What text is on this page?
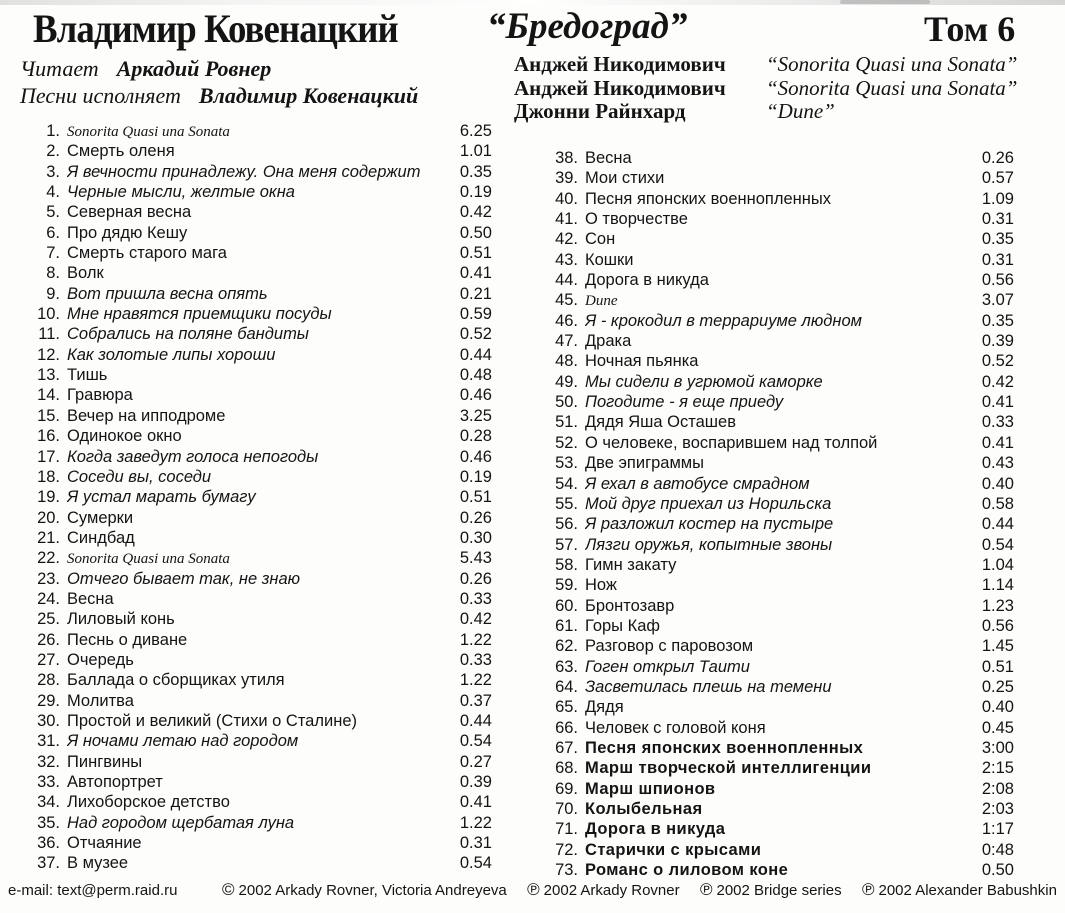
Владимир Ковенацкий “Бредоград”	Том 6
Читает Аркадий Ровнер
Песни исполняет Владимир Ковенацкий
Анджей Никодимович “Sonorita Quasi una Sonata”
Анджей Никодимович “Sonorita Quasi una Sonata”
Джонни Райнхард	“Dune”
1. Sonorita Quasi una Sonata	6.25
2. Смерть оленя	1.01
3. Я вечности принадлежу. Она меня содержит	0.35
4. Черные мысли, желтые окна	0.19
5. Северная весна	0.42
6. Про дядю Кешу	0.50
7. Смерть старого мага	0.51
8. Волк	0.41
9. Вот пришла весна опять	0.21
10. Мне нравятся приемщики посуды	0.59
11. Собрались на поляне бандиты	0.52
12. Как золотые липы хороши	0.44
13. Тишь	0.48
14. Гравюра	0.46
15. Вечер на ипподроме	3.25
16. Одинокое окно	0.28
17. Когда заведут голоса непогоды	0.46
18. Соседи вы, соседи	0.19
19. Я устал марать бумагу	0.51
20. Сумерки	0.26
21. Синдбад	0.30
22. Sonorita Quasi una Sonata	5.43
23. Отчего бывает так, не знаю	0.26
24. Весна	0.33
25. Лиловый конь	0.42
26. Песнь о диване	1.22
27. Очередь	0.33
28. Баллада о сборщиках утиля	1.22
29. Молитва	0.37
30. Простой и великий (Стихи о Сталине)	0.44
31. Я ночами летаю над городом	0.54
32. Пингвины	0.27
33. Автопортрет	0.39
34. Лихоборское детство	0.41
35. Над городом щербатая луна	1.22
36. Отчаяние	0.31
37. В музее	0.54
38. Весна	0.26
39. Мои стихи	0.57
40. Песня японских военнопленных	1.09
41. О творчестве	0.31
42. Сон	0.35
43. Кошки	0.31
44. Дорога в никуда	0.56
45. Dune	3.07
46. Я - крокодил в террариуме людном	0.35
47. Драка	0.39
48. Ночная пьянка	0.52
49. Мы сидели в угрюмой каморке	0.42
50. Погодите - я еще приеду	0.41
51. Дядя Яша Осташев	0.33
52. О человеке, воспарившем над толпой	0.41
53. Две эпиграммы	0.43
54. Я ехал в автобусе смрадном	0.40
55. Мой друг приехал из Норильска	0.58
56. Я разложил костер на пустыре	0.44
57. Лязги оружья, копытные звоны	0.54
58. Гимн закату	1.04
59. Нож	1.14
60. Бронтозавр	1.23
61. Горы Каф	0.56
62. Разговор с паровозом	1.45
63. Гоген открыл Таити	0.51
64. Засветилась плешь на темени	0.25
65. Дядя	0.40
66. Человек с головой коня	0.45
67. Песня японских военнопленных	3:00
68. Марш творческой интеллигенции	2:15
69. Марш шпионов	2:08
70. Колыбельная	2:03
71. Дорога в никуда	1:17
72. Старички с крысами	0:48
73. Романс о лиловом коне	0.50
e-mail: text@perm.raid.ru	© 2002 Arkady Rovner, Victoria Andreyeva ℗ 2002 Arkady Rovner ℗ 2002 Bridge series ℗ 2002 Alexander Babushkin
